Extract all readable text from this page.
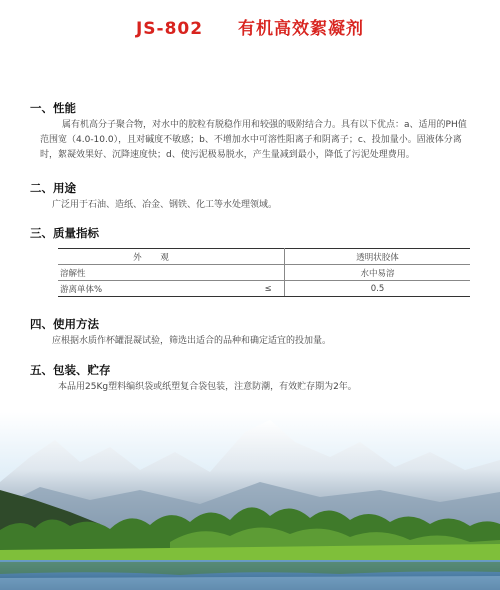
JS-802 有机高效絮凝剂
一、性能
属有机高分子聚合物，对水中的胶粒有脱稳作用和较强的吸附结合力。具有以下优点：a、适用的PH值范围宽（4.0-10.0），且对碱度不敏感；b、不增加水中可溶性阳离子和阴离子；c、投加量小。固液体分离时，絮凝效果好、沉降速度快；d、使污泥极易脱水，产生量减到最小，降低了污泥处理费用。
二、用途
广泛用于石油、造纸、冶金、钢铁、化工等水处理领域。
三、质量指标
外 观		透明状胶体
溶解性		水中易溶
游离单体%	≤	0.5
四、使用方法
应根据水质作杯罐混凝试验，筛选出适合的品种和确定适宜的投加量。
五、包装、贮存
本品用25Kg塑料编织袋或纸塑复合袋包装，注意防潮，有效贮存期为2年。
